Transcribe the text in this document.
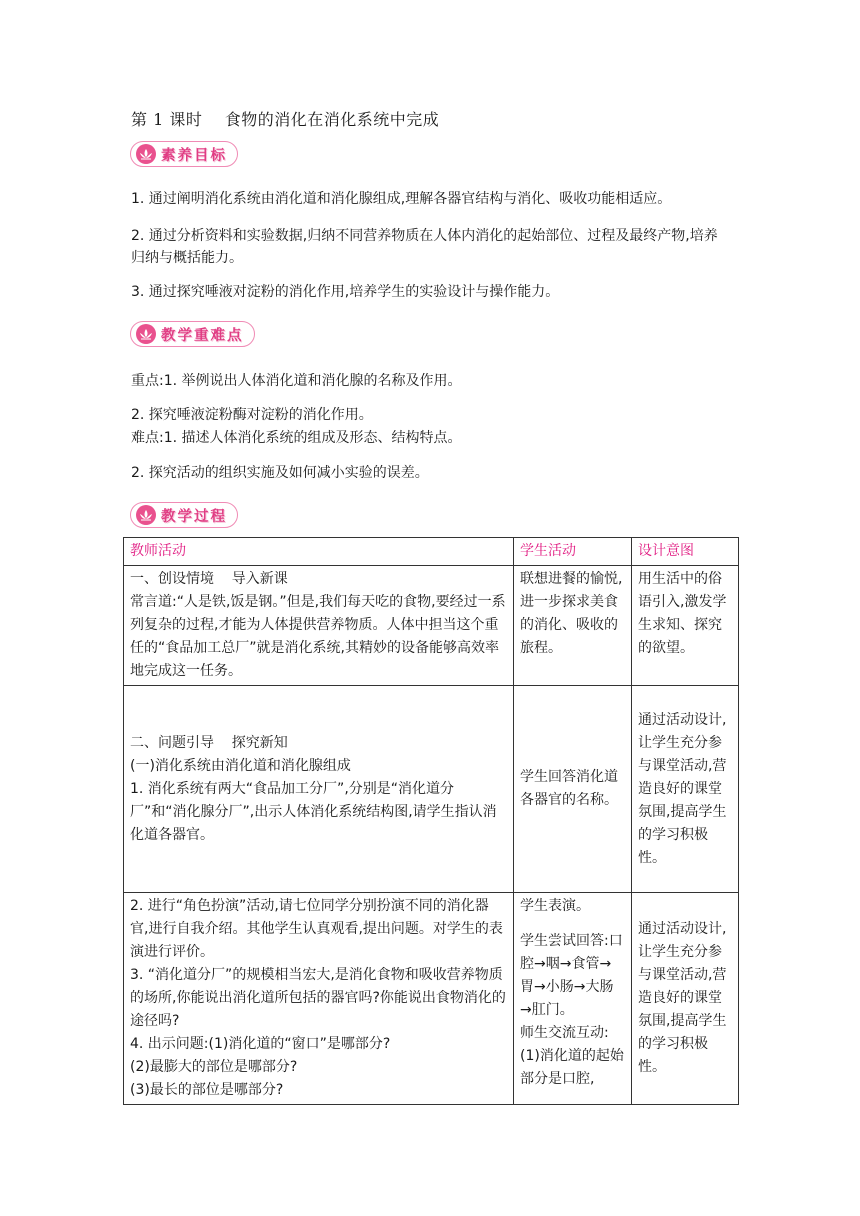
第 1 课时    食物的消化在消化系统中完成
素养目标
1. 通过阐明消化系统由消化道和消化腺组成,理解各器官结构与消化、吸收功能相适应。
2. 通过分析资料和实验数据,归纳不同营养物质在人体内消化的起始部位、过程及最终产物,培养归纳与概括能力。
3. 通过探究唾液对淀粉的消化作用,培养学生的实验设计与操作能力。
教学重难点
重点:1. 举例说出人体消化道和消化腺的名称及作用。
2. 探究唾液淀粉酶对淀粉的消化作用。
难点:1. 描述人体消化系统的组成及形态、结构特点。
2. 探究活动的组织实施及如何减小实验的误差。
教学过程
教师活动	学生活动	设计意图

一、创设情境    导入新课
常言道:“人是铁,饭是钢。”但是,我们每天吃的食物,要经过一系列复杂的过程,才能为人体提供营养物质。人体中担当这个重任的“食品加工总厂”就是消化系统,其精妙的设备能够高效率地完成这一任务。	联想进餐的愉悦,进一步探求美食的消化、吸收的旅程。	用生活中的俗语引入,激发学生求知、探究的欲望。

二、问题引导    探究新知
(一)消化系统由消化道和消化腺组成
1. 消化系统有两大“食品加工分厂”,分别是“消化道分厂”和“消化腺分厂”,出示人体消化系统结构图,请学生指认消化道各器官。	学生回答消化道各器官的名称。	通过活动设计,让学生充分参与课堂活动,营造良好的课堂氛围,提高学生的学习积极性。

2. 进行“角色扮演”活动,请七位同学分别扮演不同的消化器官,进行自我介绍。其他学生认真观看,提出问题。对学生的表演进行评价。
3. “消化道分厂”的规模相当宏大,是消化食物和吸收营养物质的场所,你能说出消化道所包括的器官吗?你能说出食物消化的途径吗?
4. 出示问题:(1)消化道的“窗口”是哪部分?
(2)最膨大的部位是哪部分?
(3)最长的部位是哪部分?	学生表演。
学生尝试回答:口腔→咽→食管→胃→小肠→大肠→肛门。
师生交流互动:(1)消化道的起始部分是口腔,	通过活动设计,让学生充分参与课堂活动,营造良好的课堂氛围,提高学生的学习积极性。
